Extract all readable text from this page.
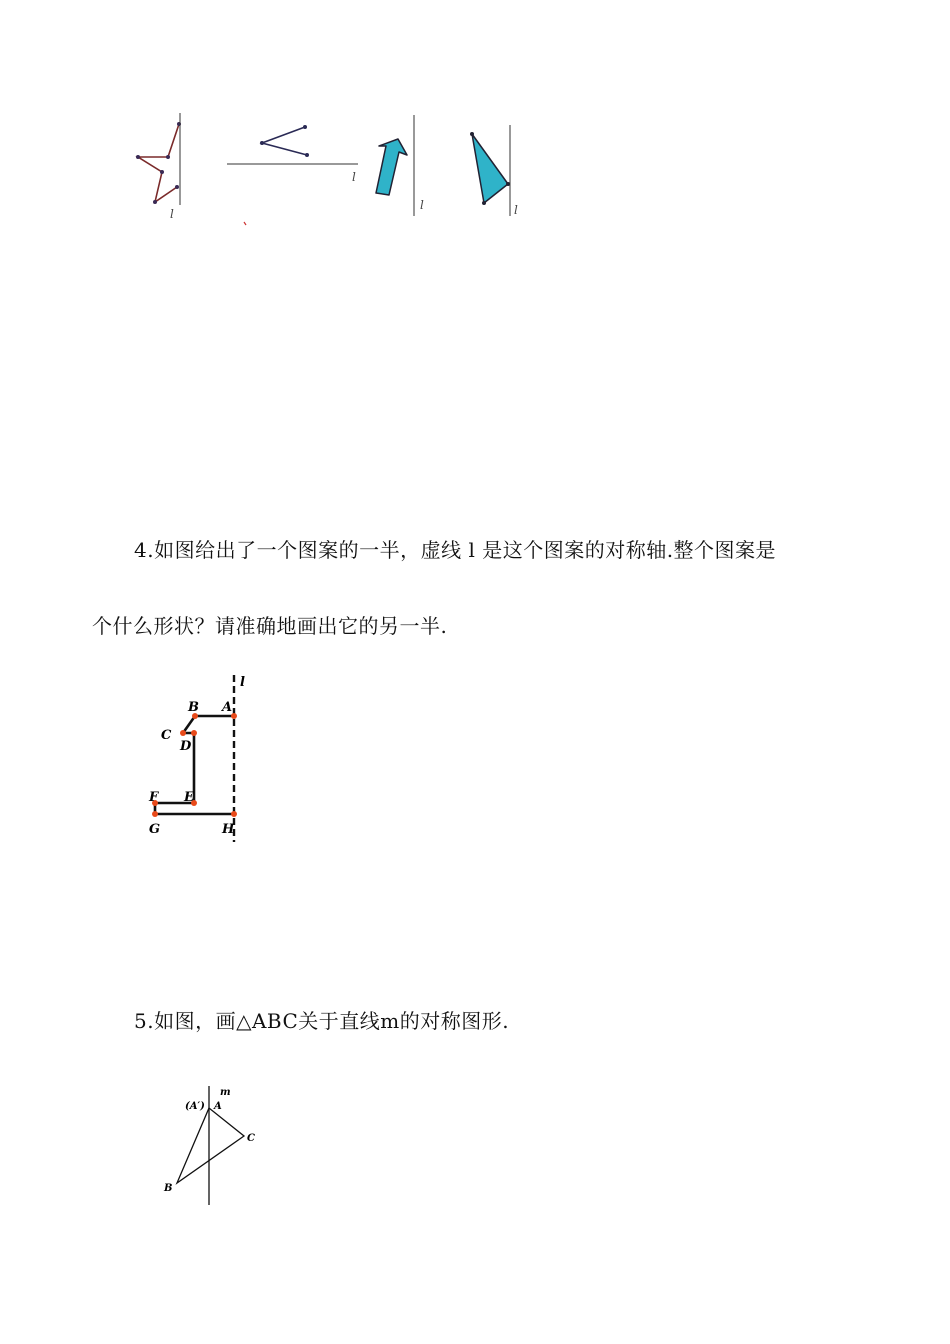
l
l
l	l

4.如图给出了一个图案的一半，虚线 l 是这个图案的对称轴.整个图案是

个什么形状？请准确地画出它的另一半.

l
A
B
C
D
E
F
G	H

5.如图，画△ABC关于直线m的对称图形.

m
(A′) A
B
C
